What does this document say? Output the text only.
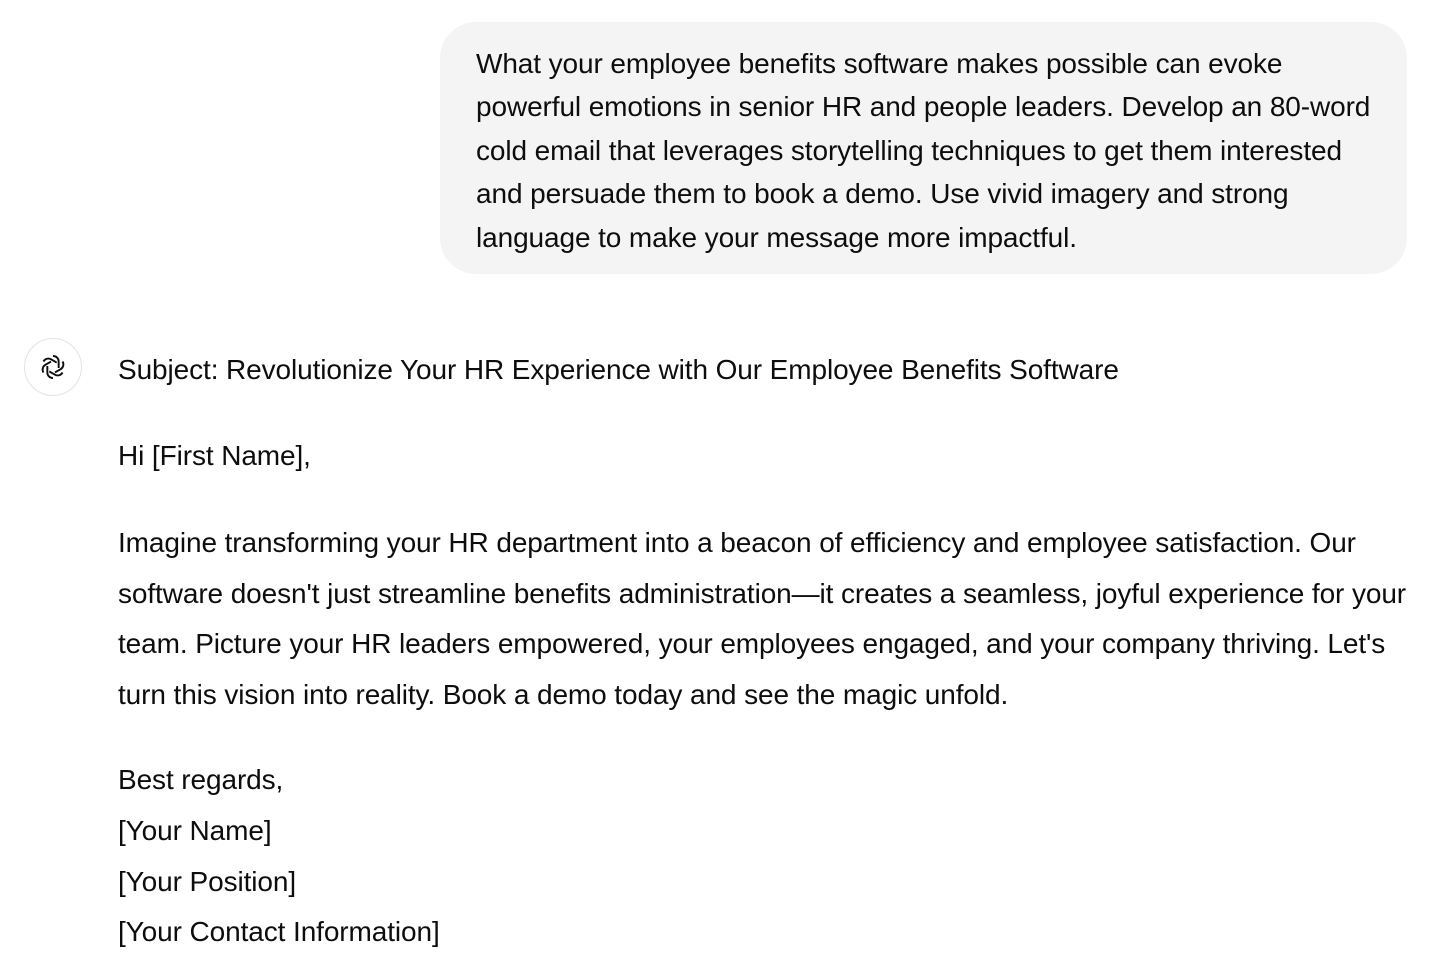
What your employee benefits software makes possible can evoke powerful emotions in senior HR and people leaders. Develop an 80-word cold email that leverages storytelling techniques to get them interested and persuade them to book a demo. Use vivid imagery and strong language to make your message more impactful.
Subject: Revolutionize Your HR Experience with Our Employee Benefits Software
Hi [First Name],

Imagine transforming your HR department into a beacon of efficiency and employee satisfaction. Our software doesn't just streamline benefits administration—it creates a seamless, joyful experience for your team. Picture your HR leaders empowered, your employees engaged, and your company thriving. Let's turn this vision into reality. Book a demo today and see the magic unfold.

Best regards,
[Your Name]
[Your Position]
[Your Contact Information]
